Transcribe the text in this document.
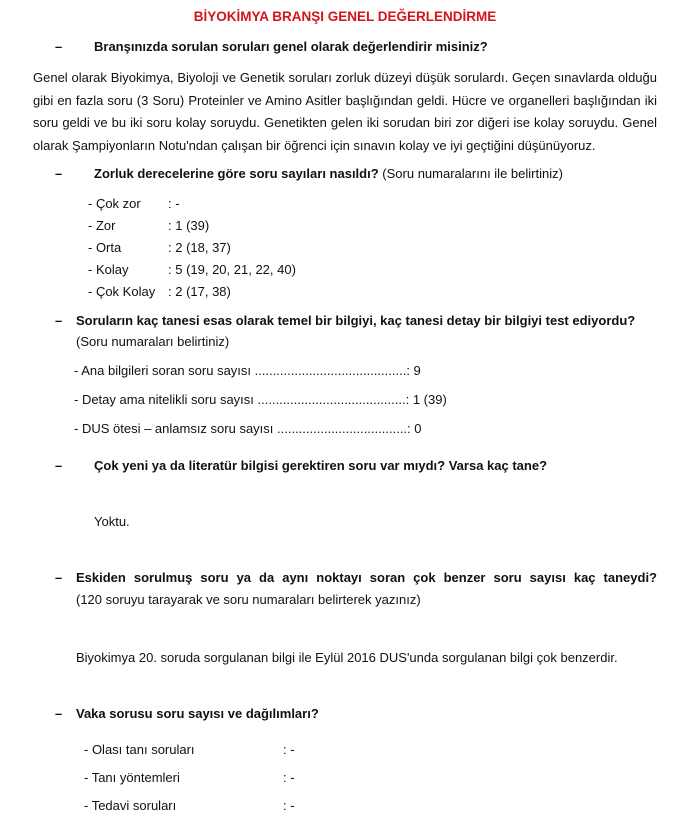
BİYOKİMYA BRANŞI GENEL DEĞERLENDİRME
– Branşınızda sorulan soruları genel olarak değerlendirir misiniz?
Genel olarak Biyokimya, Biyoloji ve Genetik soruları zorluk düzeyi düşük sorulardı. Geçen sınavlarda olduğu gibi en fazla soru (3 Soru) Proteinler ve Amino Asitler başlığından geldi. Hücre ve organelleri başlığından iki soru geldi ve bu iki soru kolay soruydu. Genetikten gelen iki sorudan biri zor diğeri ise kolay soruydu. Genel olarak Şampiyonların Notu'ndan çalışan bir öğrenci için sınavın kolay ve iyi geçtiğini düşünüyoruz.
– Zorluk derecelerine göre soru sayıları nasıldı? (Soru numaralarını ile belirtiniz)
- Çok zor : -
- Zor	: 1 (39)
- Orta	: 2 (18, 37)
- Kolay	: 5 (19, 20, 21, 22, 40)
- Çok Kolay : 2 (17, 38)
– Soruların kaç tanesi esas olarak temel bir bilgiyi, kaç tanesi detay bir bilgiyi test ediyordu?
(Soru numaraları belirtiniz)
- Ana bilgileri soran soru sayısı ..........................................: 9
- Detay ama nitelikli soru sayısı .........................................: 1 (39)
- DUS ötesi – anlamsız soru sayısı ....................................: 0
– Çok yeni ya da literatür bilgisi gerektiren soru var mıydı? Varsa kaç tane?
Yoktu.
– Eskiden sorulmuş soru ya da aynı noktayı soran çok benzer soru sayısı kaç taneydi?
(120 soruyu tarayarak ve soru numaraları belirterek yazınız)
Biyokimya 20. soruda sorgulanan bilgi ile Eylül 2016 DUS'unda sorgulanan bilgi çok benzerdir.
– Vaka sorusu soru sayısı ve dağılımları?
- Olası tanı soruları	: -
- Tanı yöntemleri	: -
- Tedavi soruları	: -
